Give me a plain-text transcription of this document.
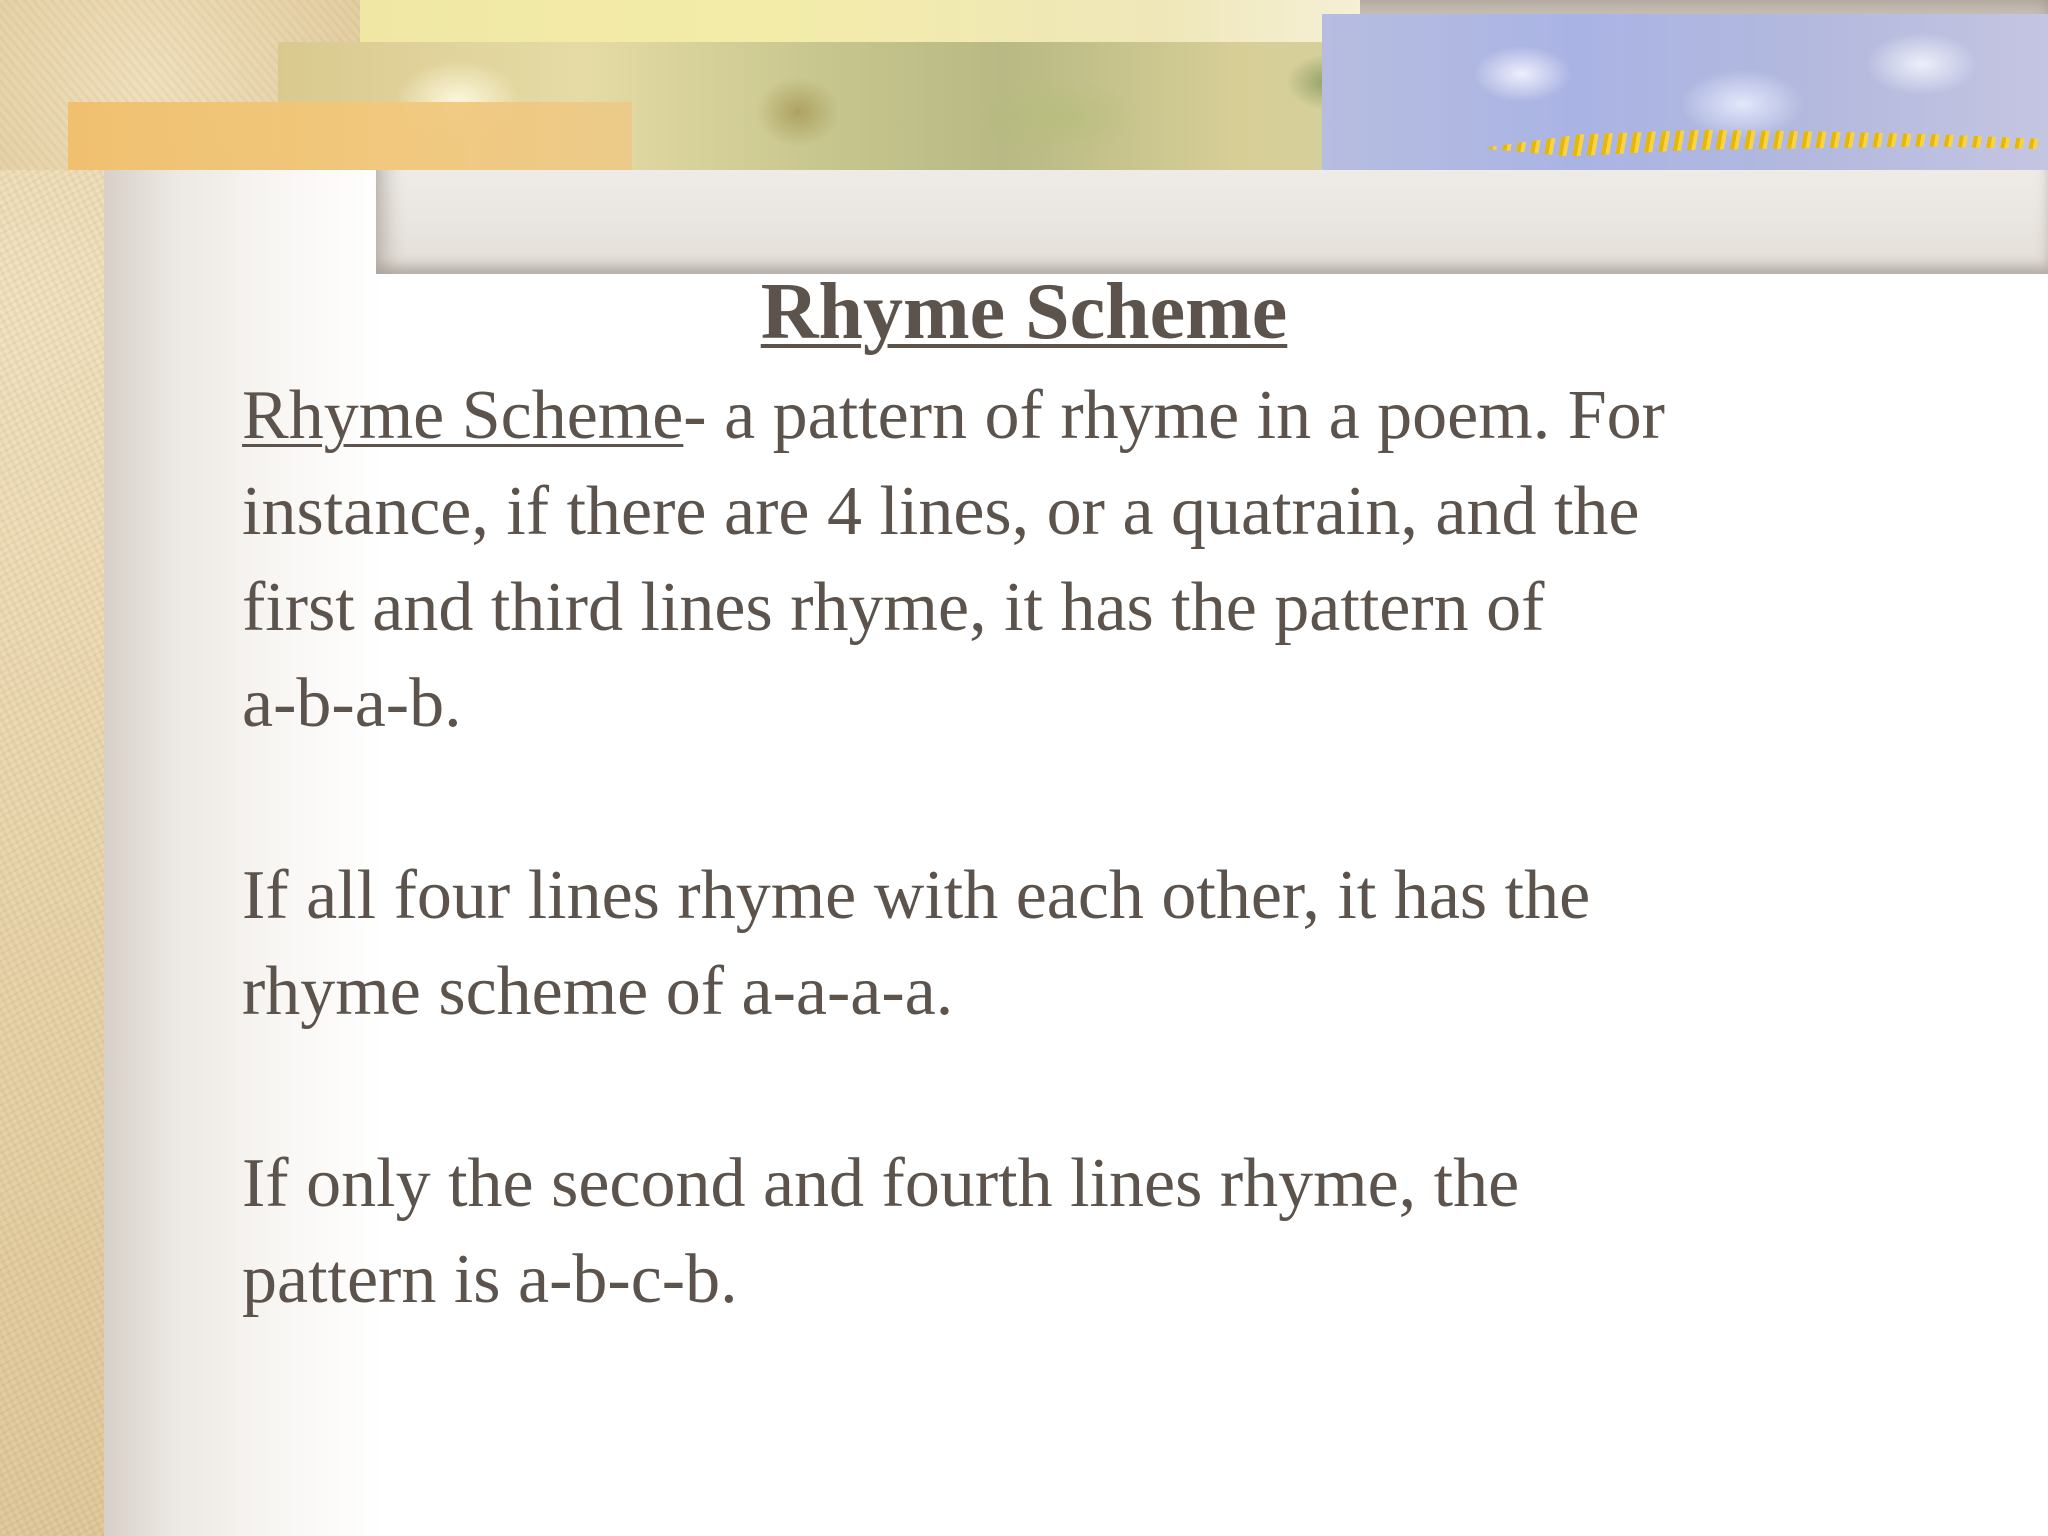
Rhyme Scheme

Rhyme Scheme- a pattern of rhyme in a poem. For

instance, if there are 4 lines, or a quatrain, and the

first and third lines rhyme, it has the pattern of

a-b-a-b.

If all four lines rhyme with each other, it has the

rhyme scheme of a-a-a-a.

If only the second and fourth lines rhyme, the

pattern is a-b-c-b.
